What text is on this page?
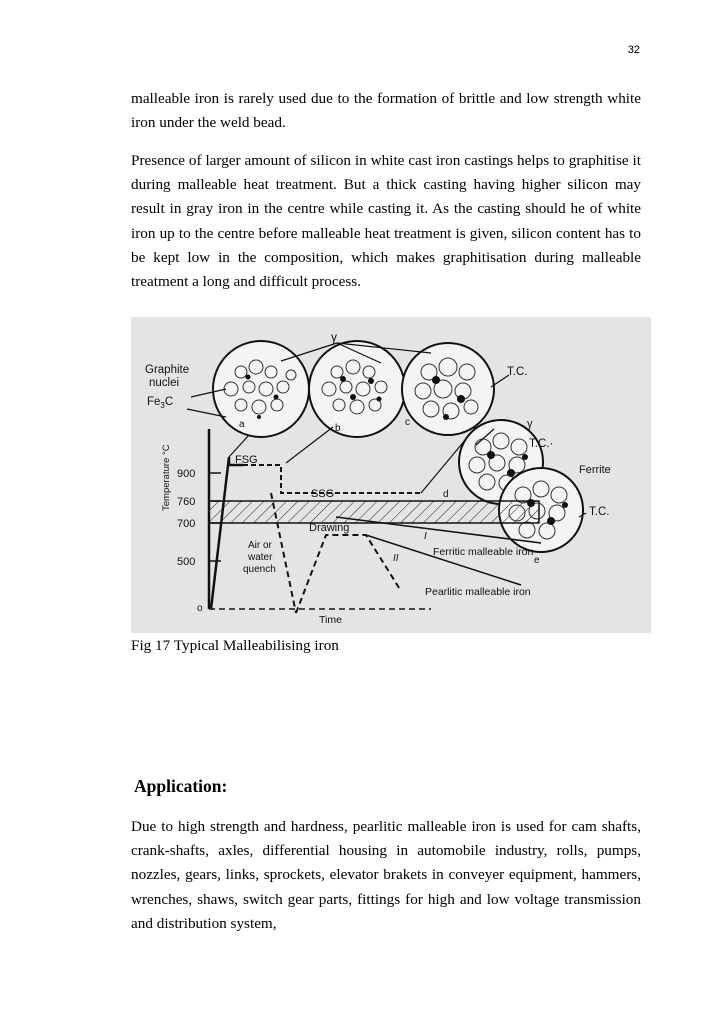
32

malleable iron is rarely used due to the formation of brittle and low strength white iron under the weld bead.

Presence of larger amount of silicon in white cast iron castings helps to graphitise it during malleable heat treatment. But a thick casting having higher silicon may result in gray iron in the centre while casting it. As the casting should he of white iron up to the centre before malleable heat treatment is given, silicon content has to be kept low in the composition, which makes graphitisation during malleable treatment a long and difficult process.

Graphite
nuclei
$Fe_3C$
γ
T.C.
γ
T.C.·
Ferrite
T.C.
a	b
c
d
e
FSG
SSG
Drawing
Air or
water
quench
I
II
Ferritic malleable iron
Pearlitic malleable iron
Time
Temperature °C 900
760
700
500
o
Fig 17 Typical Malleabilising iron
Application:

Due to high strength and hardness, pearlitic malleable iron is used for cam shafts, crank-shafts, axles, differential housing in automobile industry, rolls, pumps, nozzles, gears, links, sprockets, elevator brakets in conveyer equipment, hammers, wrenches, shaws, switch gear parts, fittings for high and low voltage transmission and distribution system,
